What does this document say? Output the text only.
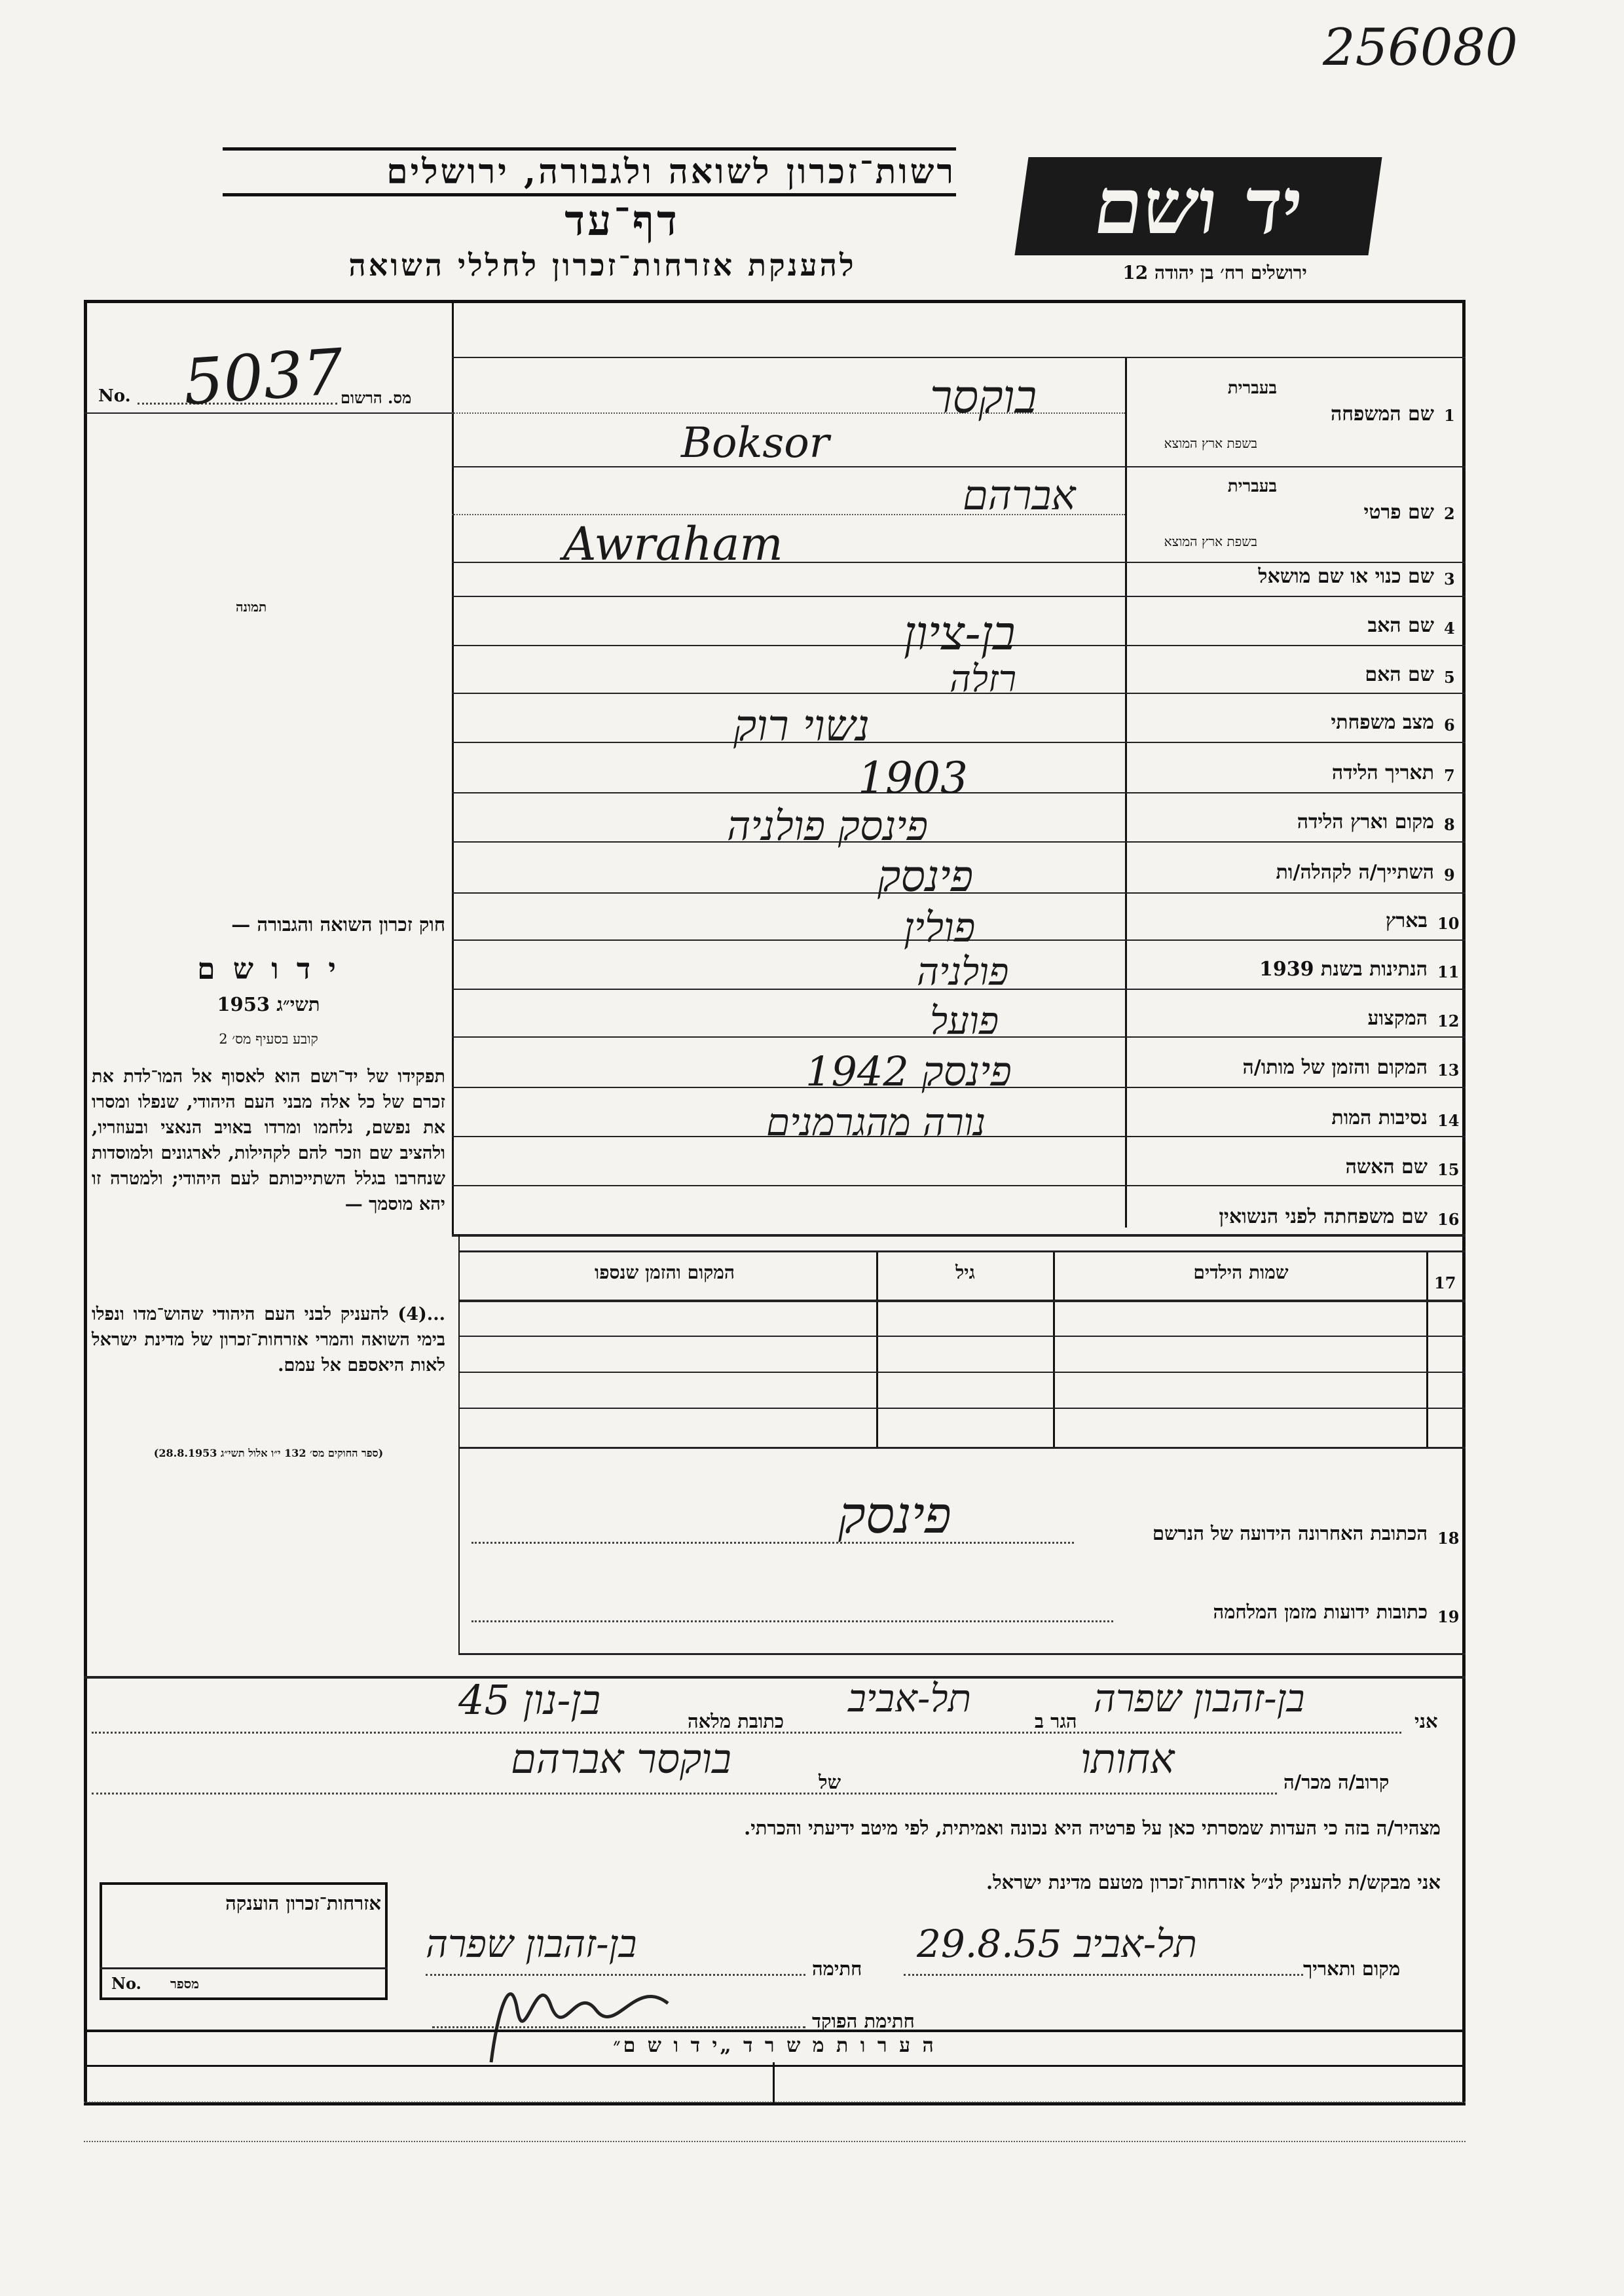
256080
רשות־זכרון לשואה ולגבורה, ירושלים
דף־עד
להענקת אזרחות־זכרון לחללי השואה
יד ושם
ירושלים רח׳ בן יהודה 12
מס. הרשום
No. 5037
תמונה
חוק זכרון השואה והגבורה —
י ד ו ש ם
תשי״ג 1953
קובע בסעיף מס׳ 2
תפקידו של יד־ושם הוא לאסוף אל המו־לדת את זכרם של כל אלה מבני העם היהודי, שנפלו ומסרו את נפשם, נלחמו ומרדו באויב הנאצי ובעוזריו, ולהציב שם וזכר להם לקהילות, לארגונים ולמוסדות שנחרבו בגלל השתייכותם לעם היהודי; ולמטרה זו יהא מוסמך —
...(4) להעניק לבני העם היהודי שהוש־מדו ונפלו בימי השואה והמרי אזרחות־זכרון של מדינת ישראל לאות היאספם אל עמם.
(ספר החוקים מס׳ 132 י״ו אלול תשי״ג 28.8.1953)
1
שם המשפחה
בעברית
בשפת ארץ המוצא
בוקסר
Boksor
2
שם פרטי
בעברית
בשפת ארץ המוצא
אברהם
Awraham
3
שם כנוי או שם מושאל
4
שם האב
בן-ציון
5
שם האם
רזלה
6
מצב משפחתי
נשוי רוק
7
תאריך הלידה
1903
8
מקום וארץ הלידה
פינסק פולניה
9
השתייך/ה לקהלה/ות
פינסק
10
בארץ
פולין
11
הנתינות בשנת 1939
פולניה
12
המקצוע
פועל
13
המקום והזמן של מותו/ה
פינסק 1942
14
נסיבות המות
נורה מהגרמנים
15
שם האשה
16
שם משפחתה לפני הנשואין
17
שמות הילדים
גיל
המקום והזמן שנספו
18
הכתובת האחרונה הידועה של הנרשם
פינסק
19
כתובות ידועות מזמן המלחמה
אני
בן-זהבון שפרה
הגר ב
תל-אביב
כתובת מלאה
בן-נון 45
קרוב/ה מכר/ה
אחותו
של
בוקסר אברהם
מצהיר/ה בזה כי העדות שמסרתי כאן על פרטיה היא נכונה ואמיתית, לפי מיטב ידיעתי והכרתי.
אני מבקש/ת להעניק לנ״ל אזרחות־זכרון מטעם מדינת ישראל.
מקום ותאריך
תל-אביב 29.8.55
חתימה
בן-זהבון שפרה
חתימת הפוקד
אזרחות־זכרון הוענקה
מספר
No.
ה ע ר ו ת מ ש ר ד „י ד ו ש ם״
